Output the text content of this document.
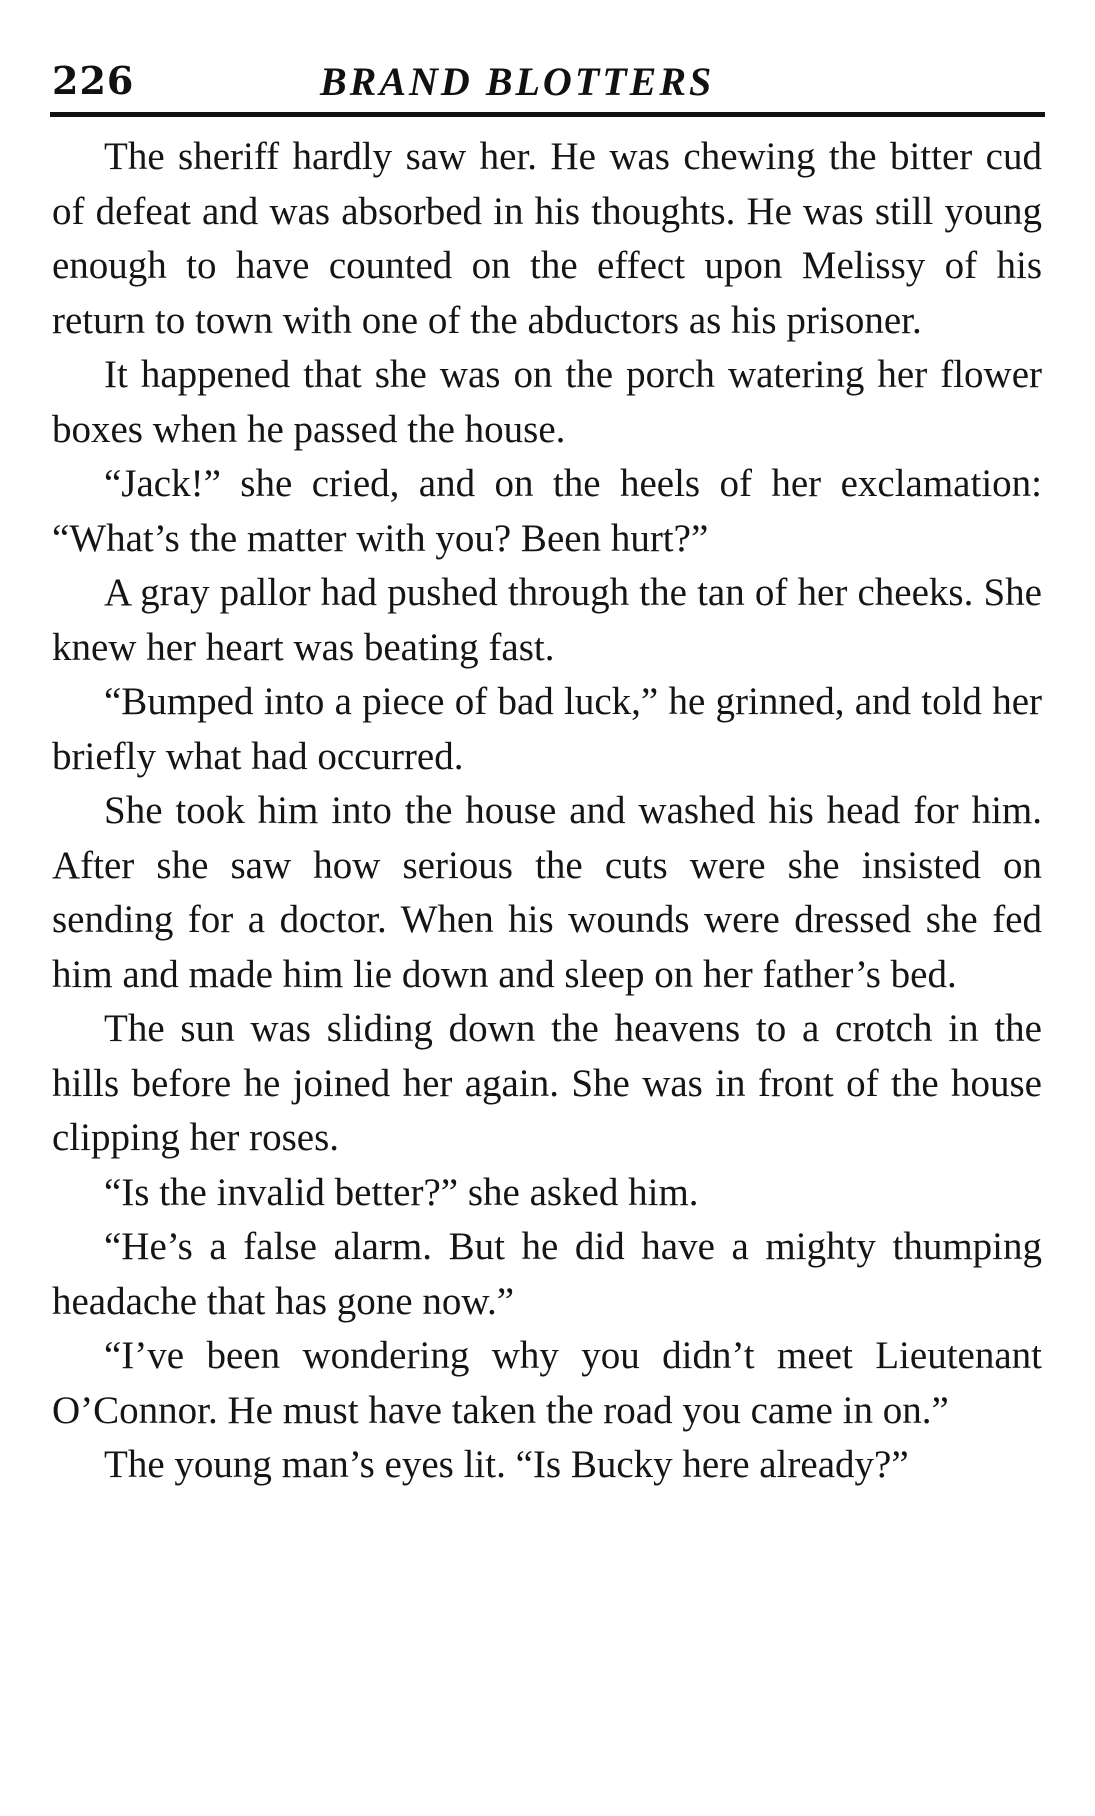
226	BRAND BLOTTERS

The sheriff hardly saw her. He was chewing the bitter cud of defeat and was absorbed in his thoughts. He was still young enough to have counted on the effect upon Melissy of his return to town with one of the abductors as his prisoner.

It happened that she was on the porch watering her flower boxes when he passed the house.

“Jack!” she cried, and on the heels of her exclamation: “What’s the matter with you? Been hurt?”

A gray pallor had pushed through the tan of her cheeks. She knew her heart was beating fast.

“Bumped into a piece of bad luck,” he grinned, and told her briefly what had occurred.

She took him into the house and washed his head for him. After she saw how serious the cuts were she insisted on sending for a doctor. When his wounds were dressed she fed him and made him lie down and sleep on her father’s bed.

The sun was sliding down the heavens to a crotch in the hills before he joined her again. She was in front of the house clipping her roses.

“Is the invalid better?” she asked him.

“He’s a false alarm. But he did have a mighty thumping headache that has gone now.”

“I’ve been wondering why you didn’t meet Lieutenant O’Connor. He must have taken the road you came in on.”

The young man’s eyes lit. “Is Bucky here already?”
